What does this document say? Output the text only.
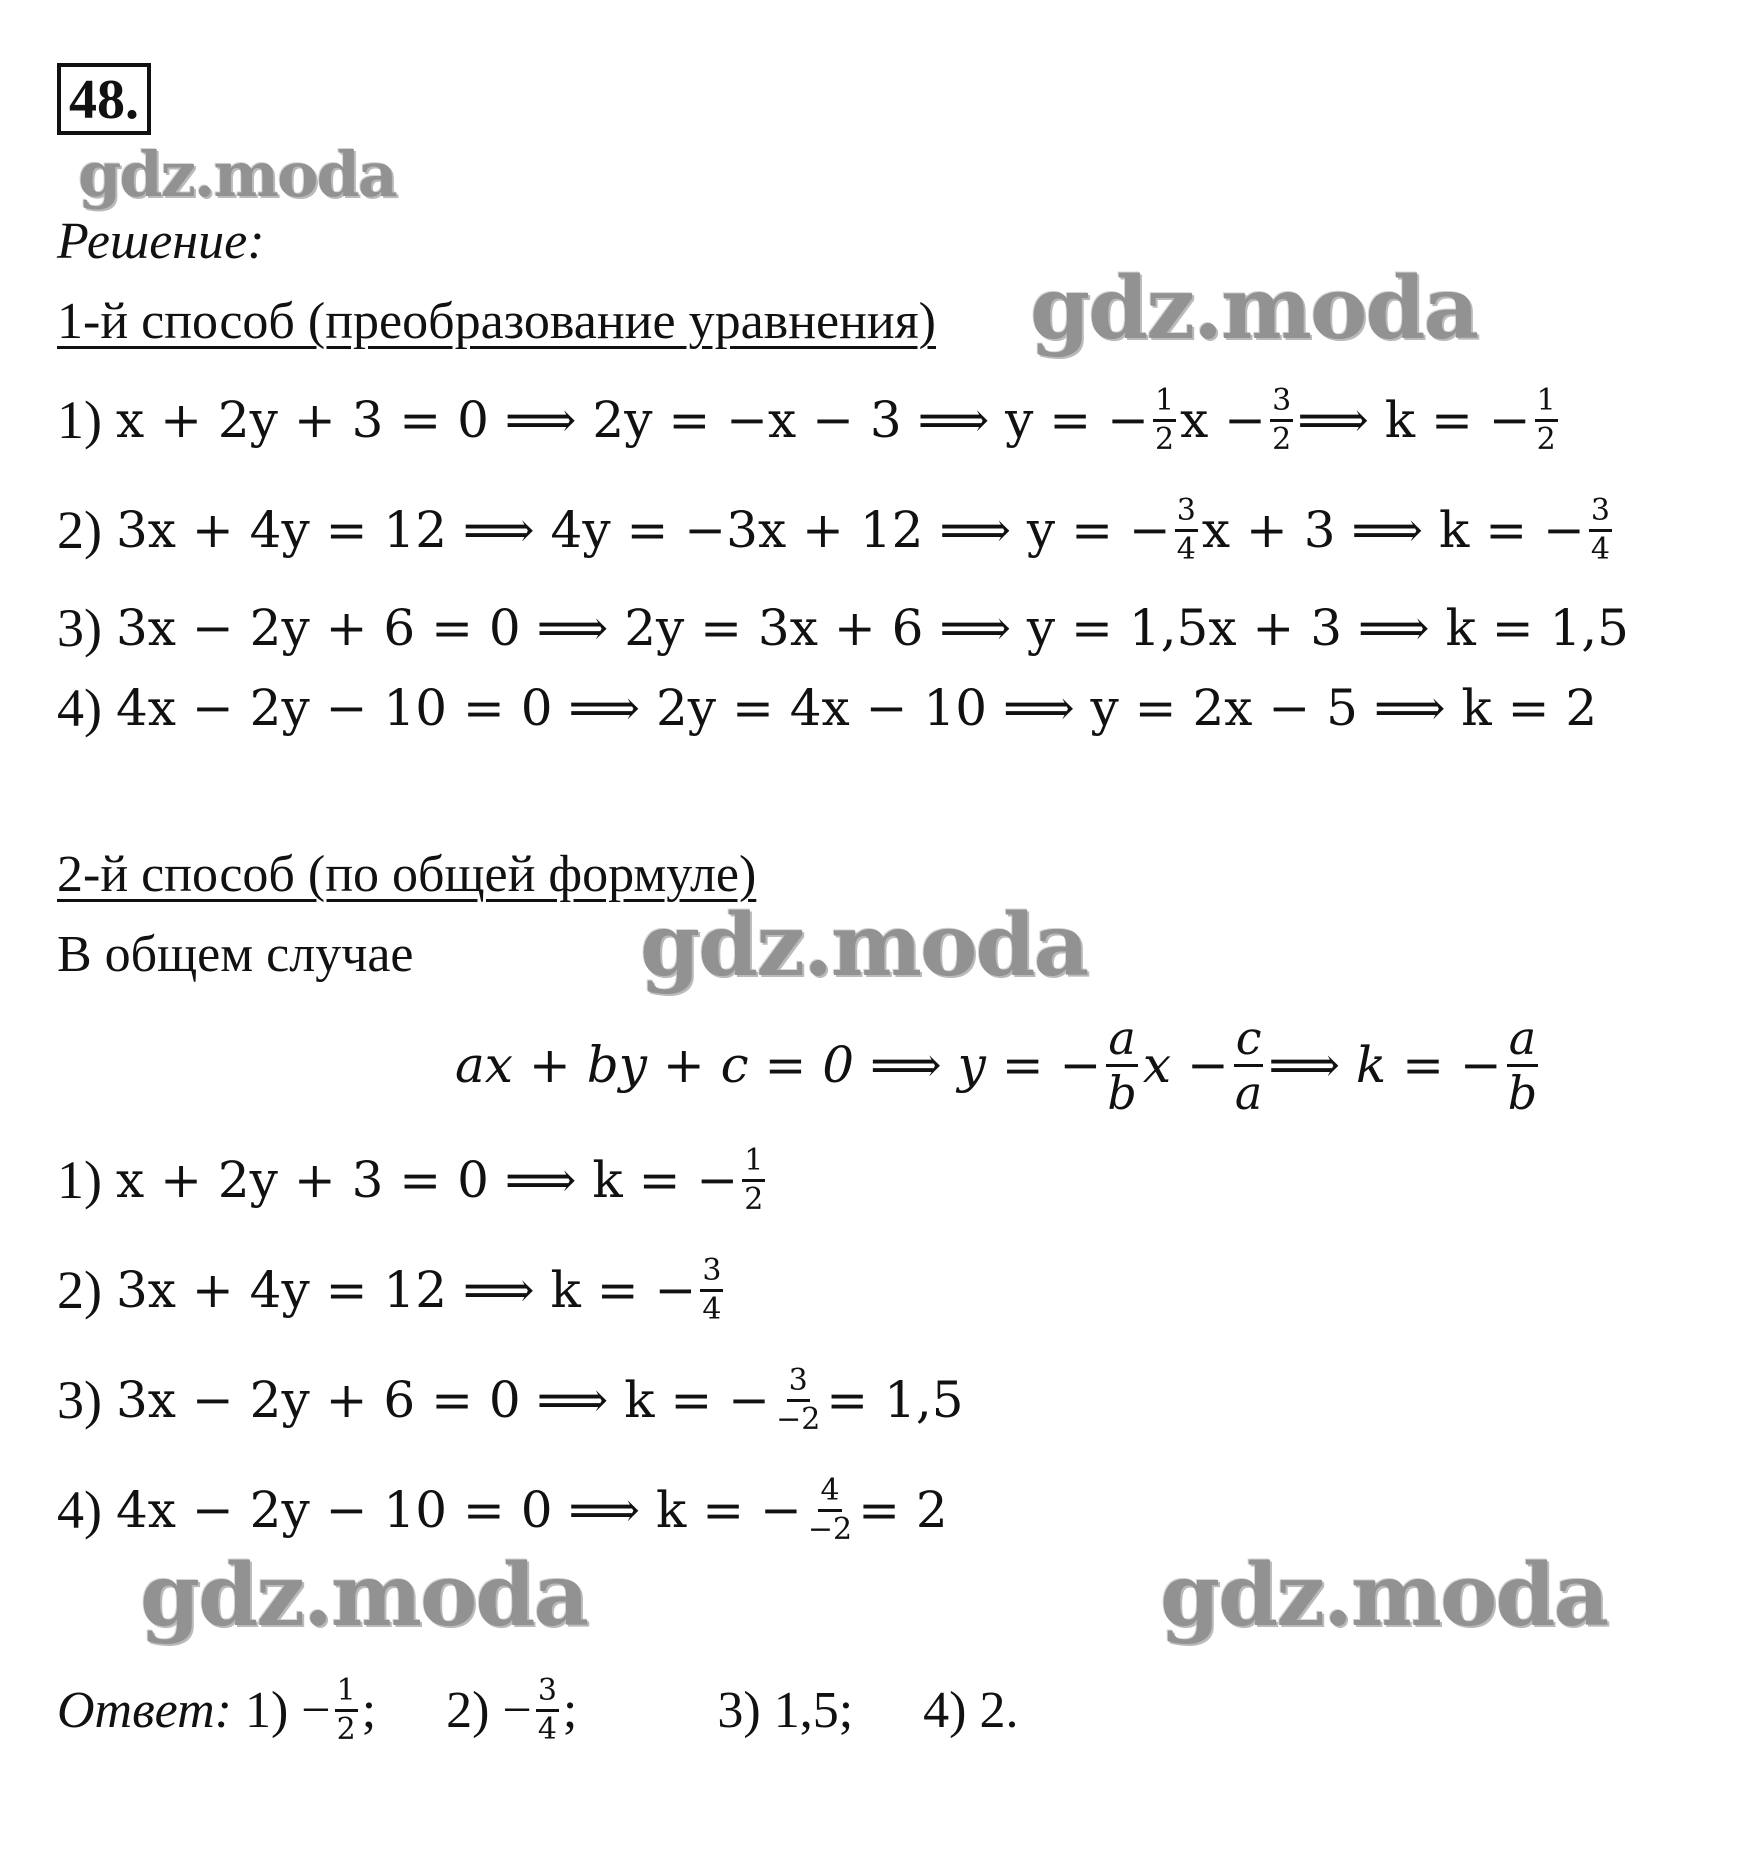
48.
gdz.moda
gdz.moda
gdz.moda
gdz.moda	gdz.moda
Решение:
1-й способ (преобразование уравнения)
1) x + 2y + 3 = 0 ⟹ 2y = −x − 3 ⟹ y = − $\frac{1}{2}$ $x - \frac{3}{2}$ ⟹ k = − $\frac{1}{2}$
2) 3x + 4y = 12 ⟹ 4y = −3x + 12 ⟹ y = − $\frac{3}{4}$ x + 3 ⟹ k = − $\frac{3}{4}$
3) 3x − 2y + 6 = 0 ⟹ 2y = 3x + 6 ⟹ y = 1,5x + 3 ⟹ k = 1,5
4) 4x − 2y − 10 = 0 ⟹ 2y = 4x − 10 ⟹ y = 2x − 5 ⟹ k = 2
2-й способ (по общей формуле)
В общем случае
ax + by + c = 0 ⟹ y = − $\frac{a}{b}$ $x - \frac{c}{a}$ ⟹ k = − $\frac{a}{b}$
1) x + 2y + 3 = 0 ⟹ k = − $\frac{1}{2}$
2) 3x + 4y = 12 ⟹ k = − $\frac{3}{4}$
3) 3x − 2y + 6 = 0 ⟹ k = − $\frac{3}{-2} = 1,5$
4) 4x − 2y − 10 = 0 ⟹ k = − $\frac{4}{-2} = 2$
Ответ: 1)
− $\frac{1}{2}$ ; 2)
− $\frac{3}{4}$ ;	3)
1,5; 4)
2.
